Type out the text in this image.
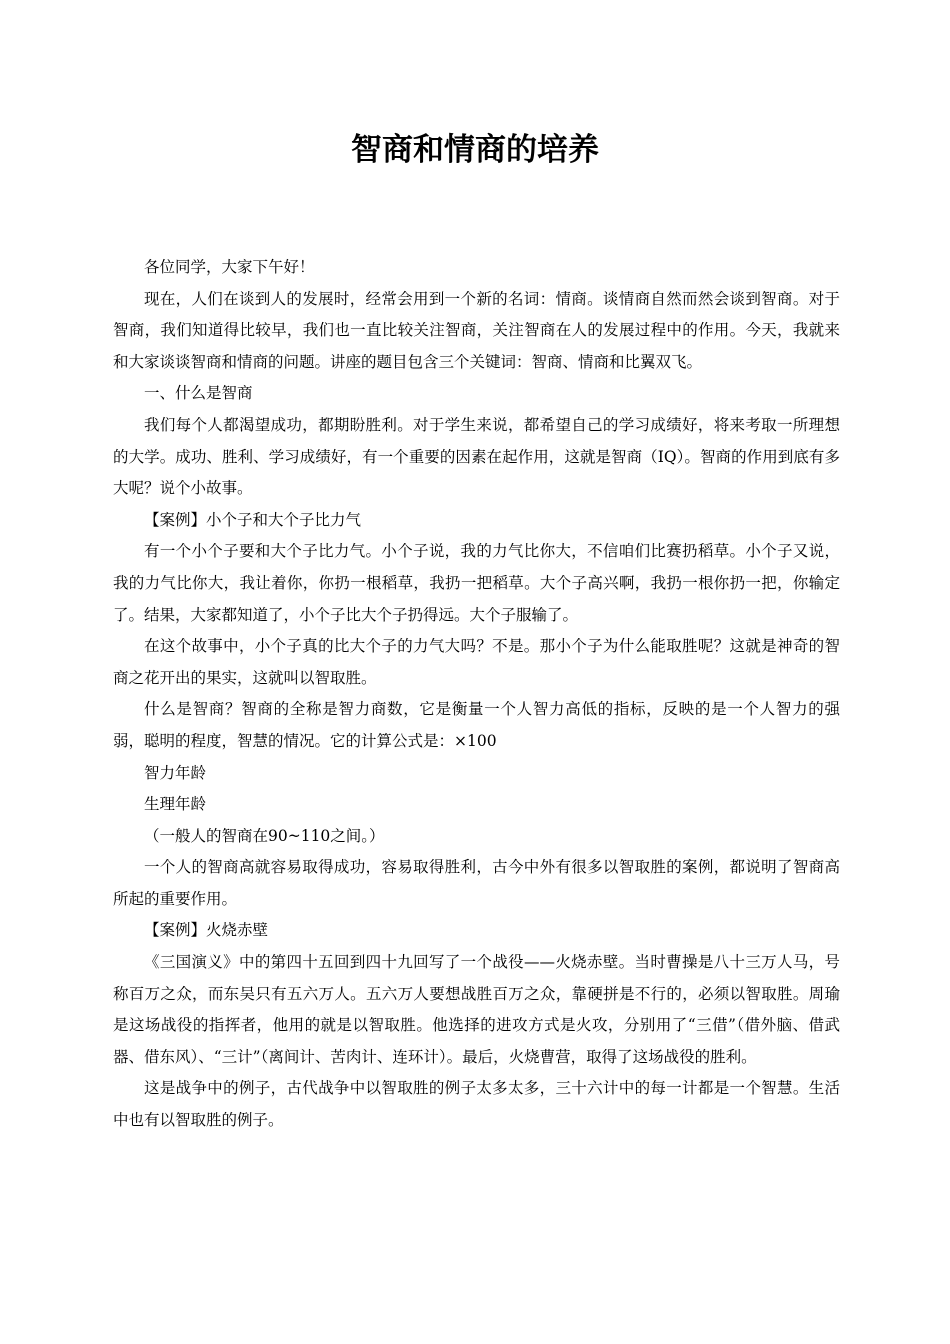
智商和情商的培养

各位同学，大家下午好！

现在，人们在谈到人的发展时，经常会用到一个新的名词：情商。谈情商自然而然会谈到智商。对于智商，我们知道得比较早，我们也一直比较关注智商，关注智商在人的发展过程中的作用。今天，我就来和大家谈谈智商和情商的问题。讲座的题目包含三个关键词：智商、情商和比翼双飞。

一、什么是智商

我们每个人都渴望成功，都期盼胜利。对于学生来说，都希望自己的学习成绩好，将来考取一所理想的大学。成功、胜利、学习成绩好，有一个重要的因素在起作用，这就是智商（IQ）。智商的作用到底有多大呢？说个小故事。

【案例】小个子和大个子比力气

有一个小个子要和大个子比力气。小个子说，我的力气比你大，不信咱们比赛扔稻草。小个子又说，我的力气比你大，我让着你，你扔一根稻草，我扔一把稻草。大个子高兴啊，我扔一根你扔一把，你输定了。结果，大家都知道了，小个子比大个子扔得远。大个子服输了。

在这个故事中，小个子真的比大个子的力气大吗？不是。那小个子为什么能取胜呢？这就是神奇的智商之花开出的果实，这就叫以智取胜。

什么是智商？智商的全称是智力商数，它是衡量一个人智力高低的指标，反映的是一个人智力的强弱，聪明的程度，智慧的情况。它的计算公式是：×100

智力年龄

生理年龄

（一般人的智商在90~110之间。）

一个人的智商高就容易取得成功，容易取得胜利，古今中外有很多以智取胜的案例，都说明了智商高所起的重要作用。

【案例】火烧赤壁

《三国演义》中的第四十五回到四十九回写了一个战役——火烧赤壁。当时曹操是八十三万人马，号称百万之众，而东吴只有五六万人。五六万人要想战胜百万之众，靠硬拼是不行的，必须以智取胜。周瑜是这场战役的指挥者，他用的就是以智取胜。他选择的进攻方式是火攻，分别用了“三借”（借外脑、借武器、借东风）、“三计”（离间计、苦肉计、连环计）。最后，火烧曹营，取得了这场战役的胜利。

这是战争中的例子，古代战争中以智取胜的例子太多太多，三十六计中的每一计都是一个智慧。生活中也有以智取胜的例子。
